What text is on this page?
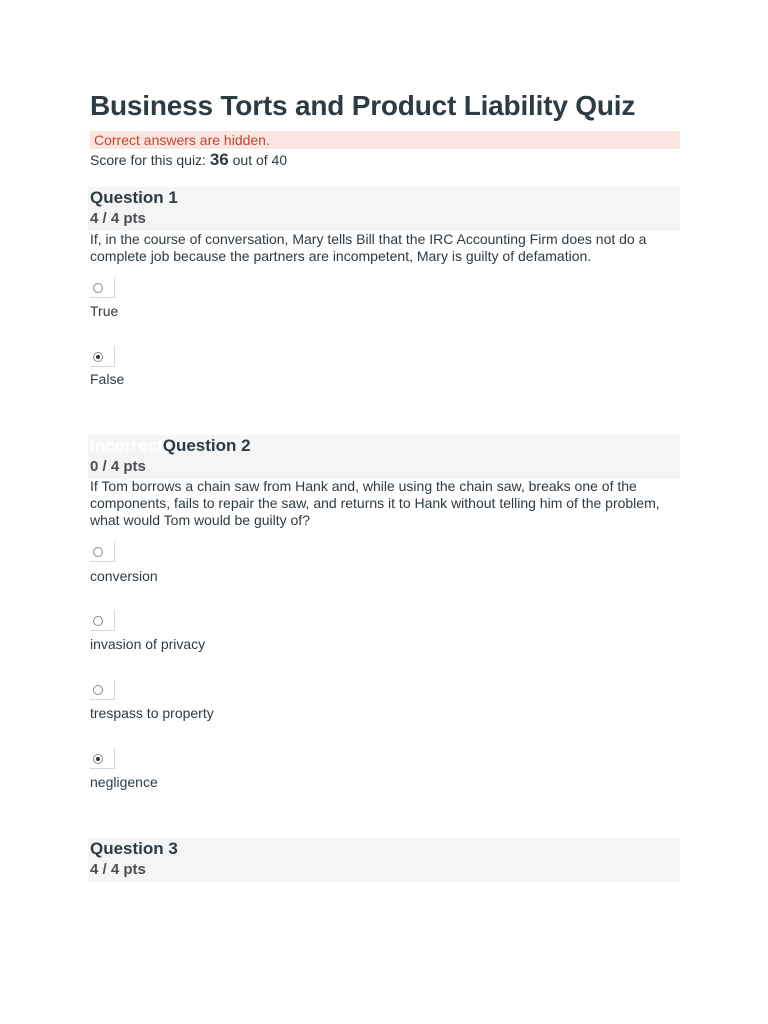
Business Torts and Product Liability Quiz
Correct answers are hidden.
Score for this quiz: 36 out of 40
Question 1
4 / 4 pts
If, in the course of conversation, Mary tells Bill that the IRC Accounting Firm does not do a complete job because the partners are incompetent, Mary is guilty of defamation.
True
False
IncorrectQuestion 2
0 / 4 pts
If Tom borrows a chain saw from Hank and, while using the chain saw, breaks one of the components, fails to repair the saw, and returns it to Hank without telling him of the problem, what would Tom would be guilty of?
conversion
invasion of privacy
trespass to property
negligence
Question 3
4 / 4 pts
